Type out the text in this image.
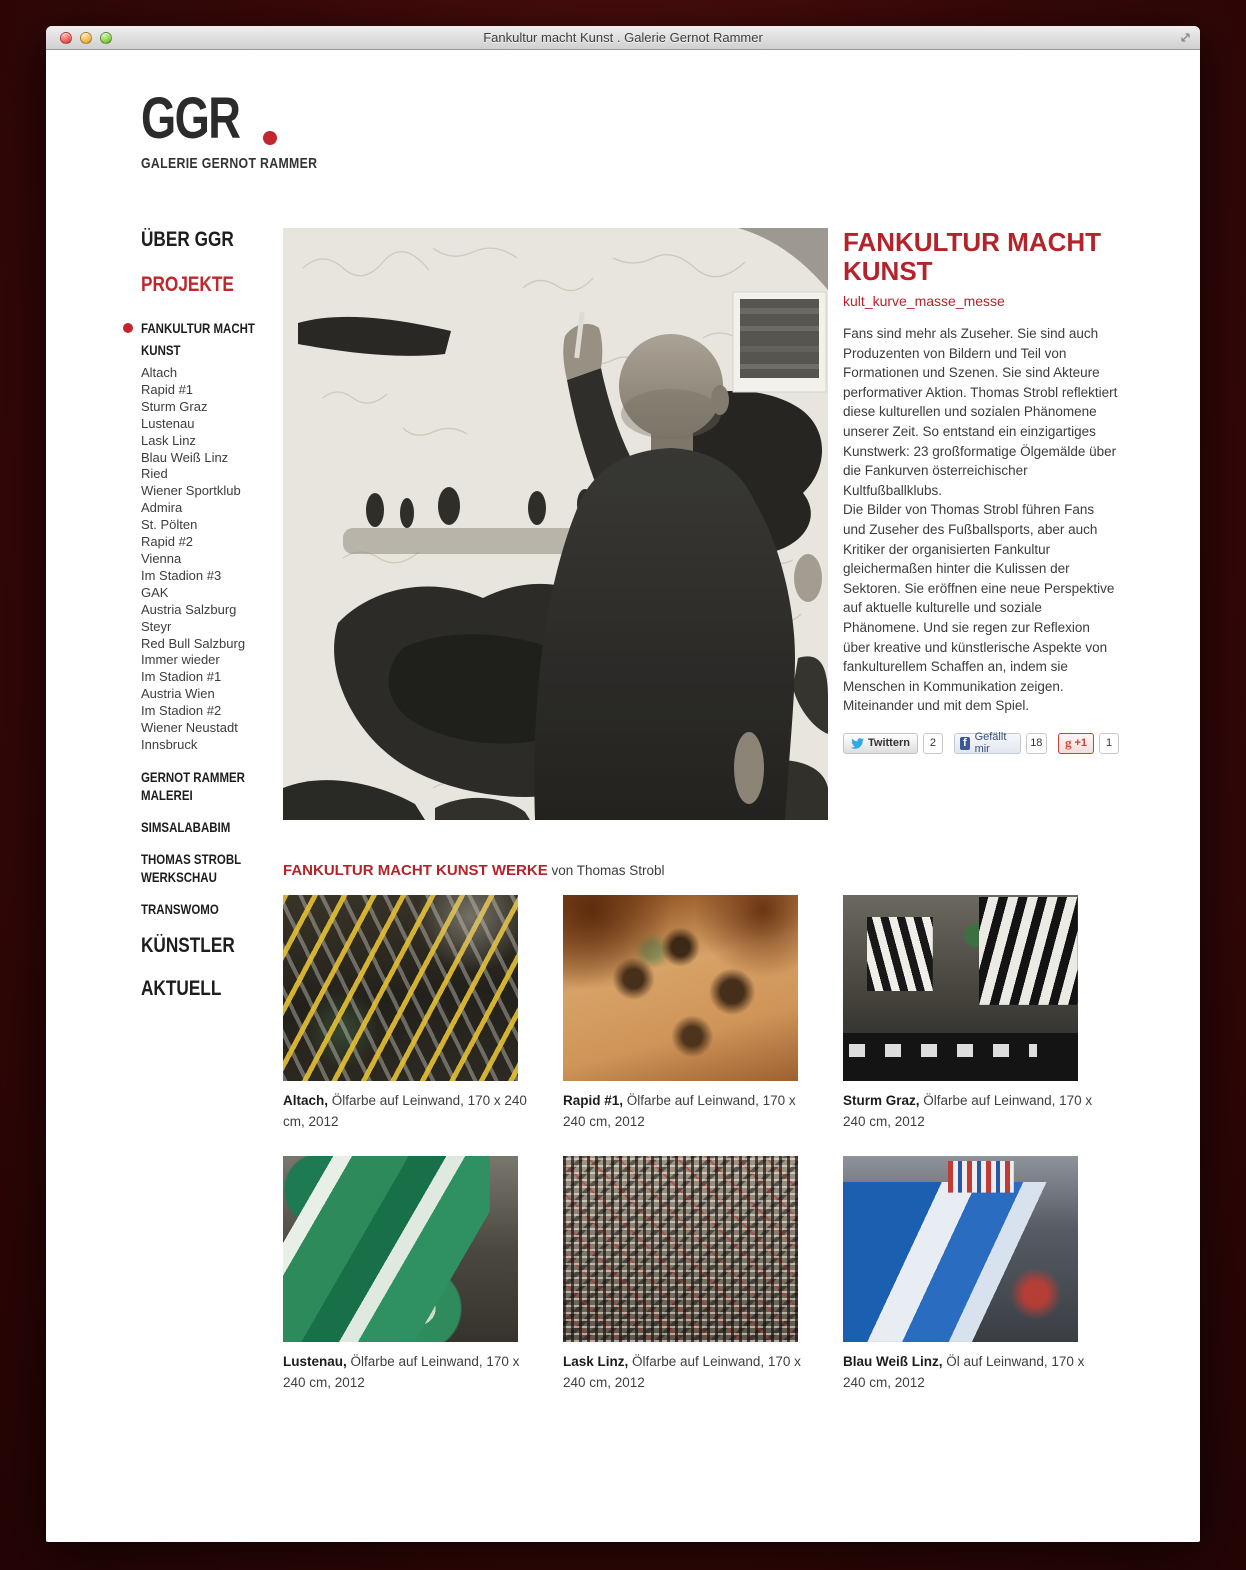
Fankultur macht Kunst . Galerie Gernot Rammer
GGR
GALERIE GERNOT RAMMER
ÜBER GGR
PROJEKTE
FANKULTUR MACHT KUNST
Altach
Rapid #1
Sturm Graz
Lustenau
Lask Linz
Blau Weiß Linz
Ried
Wiener Sportklub
Admira
St. Pölten
Rapid #2
Vienna
Im Stadion #3
GAK
Austria Salzburg
Steyr
Red Bull Salzburg
Immer wieder
Im Stadion #1
Austria Wien
Im Stadion #2
Wiener Neustadt
Innsbruck
GERNOT RAMMER MALEREI
SIMSALABABIM
THOMAS STROBL WERKSCHAU
TRANSWOMO
KÜNSTLER
AKTUELL
FANKULTUR MACHT KUNST
kult_kurve_masse_messe

Fans sind mehr als Zuseher. Sie sind auch Produzenten von Bildern und Teil von Formationen und Szenen. Sie sind Akteure performativer Aktion. Thomas Strobl reflektiert diese kulturellen und sozialen Phänomene unserer Zeit. So entstand ein einzigartiges Kunstwerk: 23 großformatige Ölgemälde über die Fankurven österreichischer Kultfußballklubs.
Die Bilder von Thomas Strobl führen Fans und Zuseher des Fußballsports, aber auch Kritiker der organisierten Fankultur gleichermaßen hinter die Kulissen der Sektoren. Sie eröffnen eine neue Perspektive auf aktuelle kulturelle und soziale Phänomene. Und sie regen zur Reflexion über kreative und künstlerische Aspekte von fankulturellem Schaffen an, indem sie Menschen in Kommunikation zeigen. Miteinander und mit dem Spiel.

Twittern	2	f Gefällt mir	18	g +1	1
FANKULTUR MACHT KUNST WERKE von Thomas Strobl
Altach, Ölfarbe auf Leinwand, 170 x 240 cm, 2012
Rapid #1, Ölfarbe auf Leinwand, 170 x 240 cm, 2012
Sturm Graz, Ölfarbe auf Leinwand, 170 x 240 cm, 2012
Lustenau, Ölfarbe auf Leinwand, 170 x 240 cm, 2012
Lask Linz, Ölfarbe auf Leinwand, 170 x 240 cm, 2012
Blau Weiß Linz, Öl auf Leinwand, 170 x 240 cm, 2012
